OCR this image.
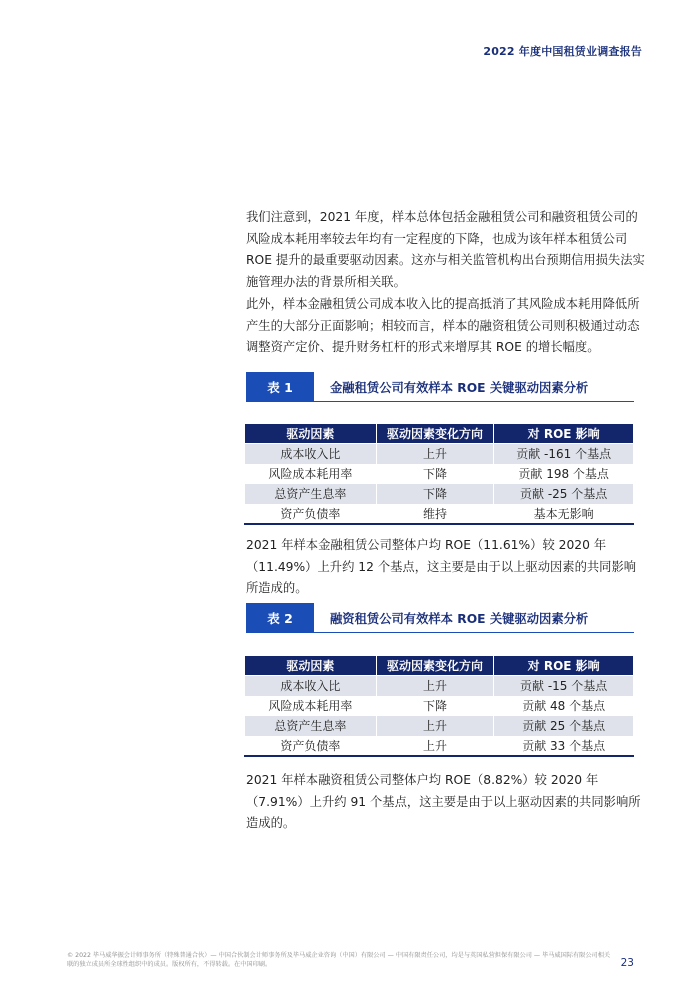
2022 年度中国租赁业调查报告

我们注意到，2021 年度，样本总体包括金融租赁公司和融资租赁公司的风险成本耗用率较去年均有一定程度的下降，也成为该年样本租赁公司 ROE 提升的最重要驱动因素。这亦与相关监管机构出台预期信用损失法实施管理办法的背景所相关联。

此外，样本金融租赁公司成本收入比的提高抵消了其风险成本耗用降低所产生的大部分正面影响；相较而言，样本的融资租赁公司则积极通过动态调整资产定价、提升财务杠杆的形式来增厚其 ROE 的增长幅度。

表 1	金融租赁公司有效样本 ROE 关键驱动因素分析
驱动因素	驱动因素变化方向	对 ROE 影响
成本收入比	上升	贡献 -161 个基点
风险成本耗用率	下降	贡献 198 个基点
总资产生息率	下降	贡献 -25 个基点
资产负债率	维持	基本无影响

2021 年样本金融租赁公司整体户均 ROE（11.61%）较 2020 年（11.49%）上升约 12 个基点，这主要是由于以上驱动因素的共同影响所造成的。

表 2	融资租赁公司有效样本 ROE 关键驱动因素分析
驱动因素	驱动因素变化方向	对 ROE 影响
成本收入比	上升	贡献 -15 个基点
风险成本耗用率	下降	贡献 48 个基点
总资产生息率	上升	贡献 25 个基点
资产负债率	上升	贡献 33 个基点

2021 年样本融资租赁公司整体户均 ROE（8.82%）较 2020 年（7.91%）上升约 91 个基点，这主要是由于以上驱动因素的共同影响所造成的。

© 2022 毕马威华振会计师事务所（特殊普通合伙）— 中国合伙制会计师事务所及毕马威企业咨询（中国）有限公司 — 中国有限责任公司，均是与英国私营担保有限公司 — 毕马威国际有限公司相关联的独立成员所全球性组织中的成员。版权所有，不得转载。在中国印刷。	23
